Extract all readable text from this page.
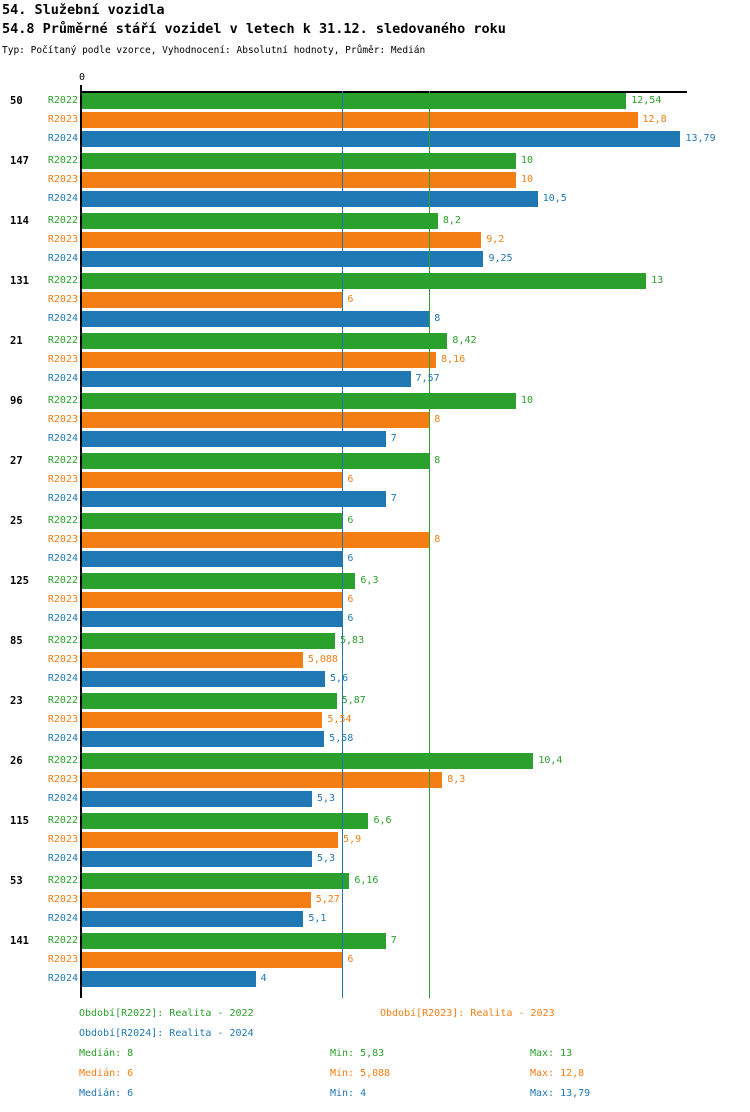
54. Služební vozidla
54.8 Průměrné stáří vozidel v letech k 31.12. sledovaného roku
Typ: Počítaný podle vzorce, Vyhodnocení: Absolutní hodnoty, Průměr: Medián
0
50	R2022	12,54
R2023	12,8
R2024	13,79
147	R2022	10
R2023	10
R2024	10,5
114	R2022	8,2
R2023	9,2
R2024	9,25
131	R2022	13
R2023	6
R2024	8
21	R2022	8,42
R2023	8,16
R2024	7,57
96	R2022	10
R2023	8
R2024	7
27	R2022	8
R2023	6
R2024	7
25	R2022	6
R2023	8
R2024	6
125	R2022	6,3
R2023	6
R2024	6
85	R2022	5,83
R2023	5,088
R2024	5,6
23	R2022	5,87
R2023	5,54
R2024	5,58
26	R2022	10,4
R2023	8,3
R2024	5,3
115	R2022	6,6
R2023	5,9
R2024	5,3
53	R2022	6,16
R2023	5,27
R2024	5,1
141	R2022	7
R2023	6
R2024	4
Období[R2022]: Realita - 2022	Období[R2023]: Realita - 2023
Období[R2024]: Realita - 2024
Medián: 8	Min: 5,83	Max: 13
Medián: 6	Min: 5,088	Max: 12,8
Medián: 6	Min: 4	Max: 13,79
